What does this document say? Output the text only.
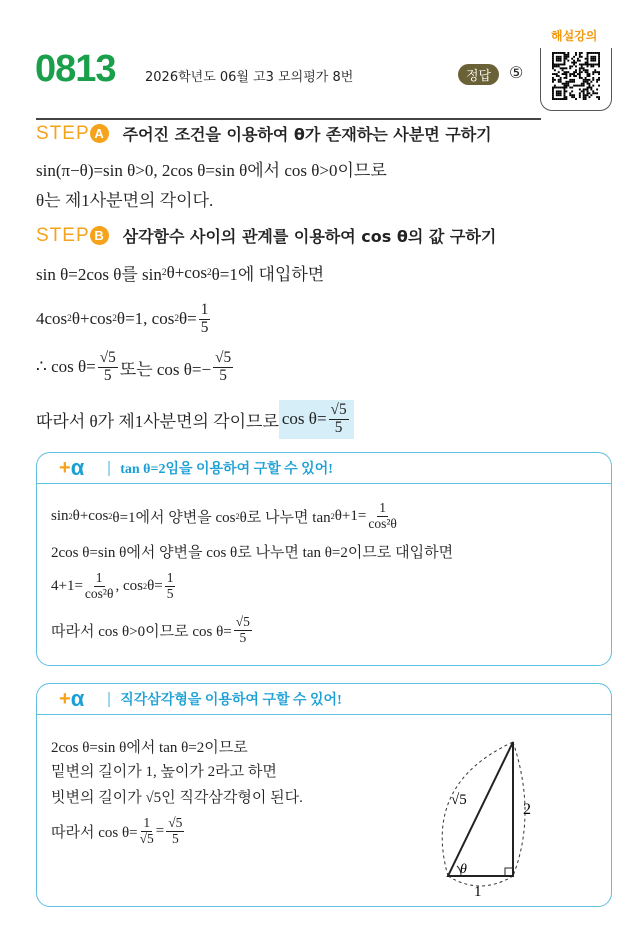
0813 2026학년도 06월 고3 모의평가 8번	정답	⑤
해설강의
STEP A	주어진 조건을 이용하여 θ가 존재하는 사분면 구하기
sin(π−θ)=sin θ>0, 2cos θ=sin θ에서 cos θ>0이므로
θ는 제1사분면의 각이다.
STEP B	삼각함수 사이의 관계를 이용하여 cos θ의 값 구하기
sin θ=2cos θ를 sin 2 θ+cos 2 θ=1에 대입하면
4cos 2 θ+cos 2 θ=1, cos 2 $\theta= \frac{1}{5}$
∴ $\cos \theta= \frac{√5}{5}$ 또는 $\cos \theta=- \frac{√5}{5}$
따라서 θ가 제1사분면의 각이므로 $\cos \theta= \frac{√5}{5}$
+ α	tan θ=2임을 이용하여 구할 수 있어!
sin 2 θ+cos 2 θ=1에서 양변을 cos 2 θ로 나누면 tan 2 $\theta+1= \frac{1}{\text{cos²θ}}$
2cos θ=sin θ에서 양변을 cos θ로 나누면 tan θ=2이므로 대입하면
$4+1= \frac{1}{\text{cos²θ}}$ , cos 2 $\theta= \frac{1}{5}$
따라서 cos θ>0이므로 $\cos \theta= \frac{√5}{5}$
+ α	직각삼각형을 이용하여 구할 수 있어!
2cos θ=sin θ에서 tan θ=2이므로
밑변의 길이가 1, 높이가 2라고 하면
빗변의 길이가 √5인 직각삼각형이 된다.
따라서 $\cos \theta= \frac{1}{√5} = \frac{√5}{5}$
√5
2
1
θ
